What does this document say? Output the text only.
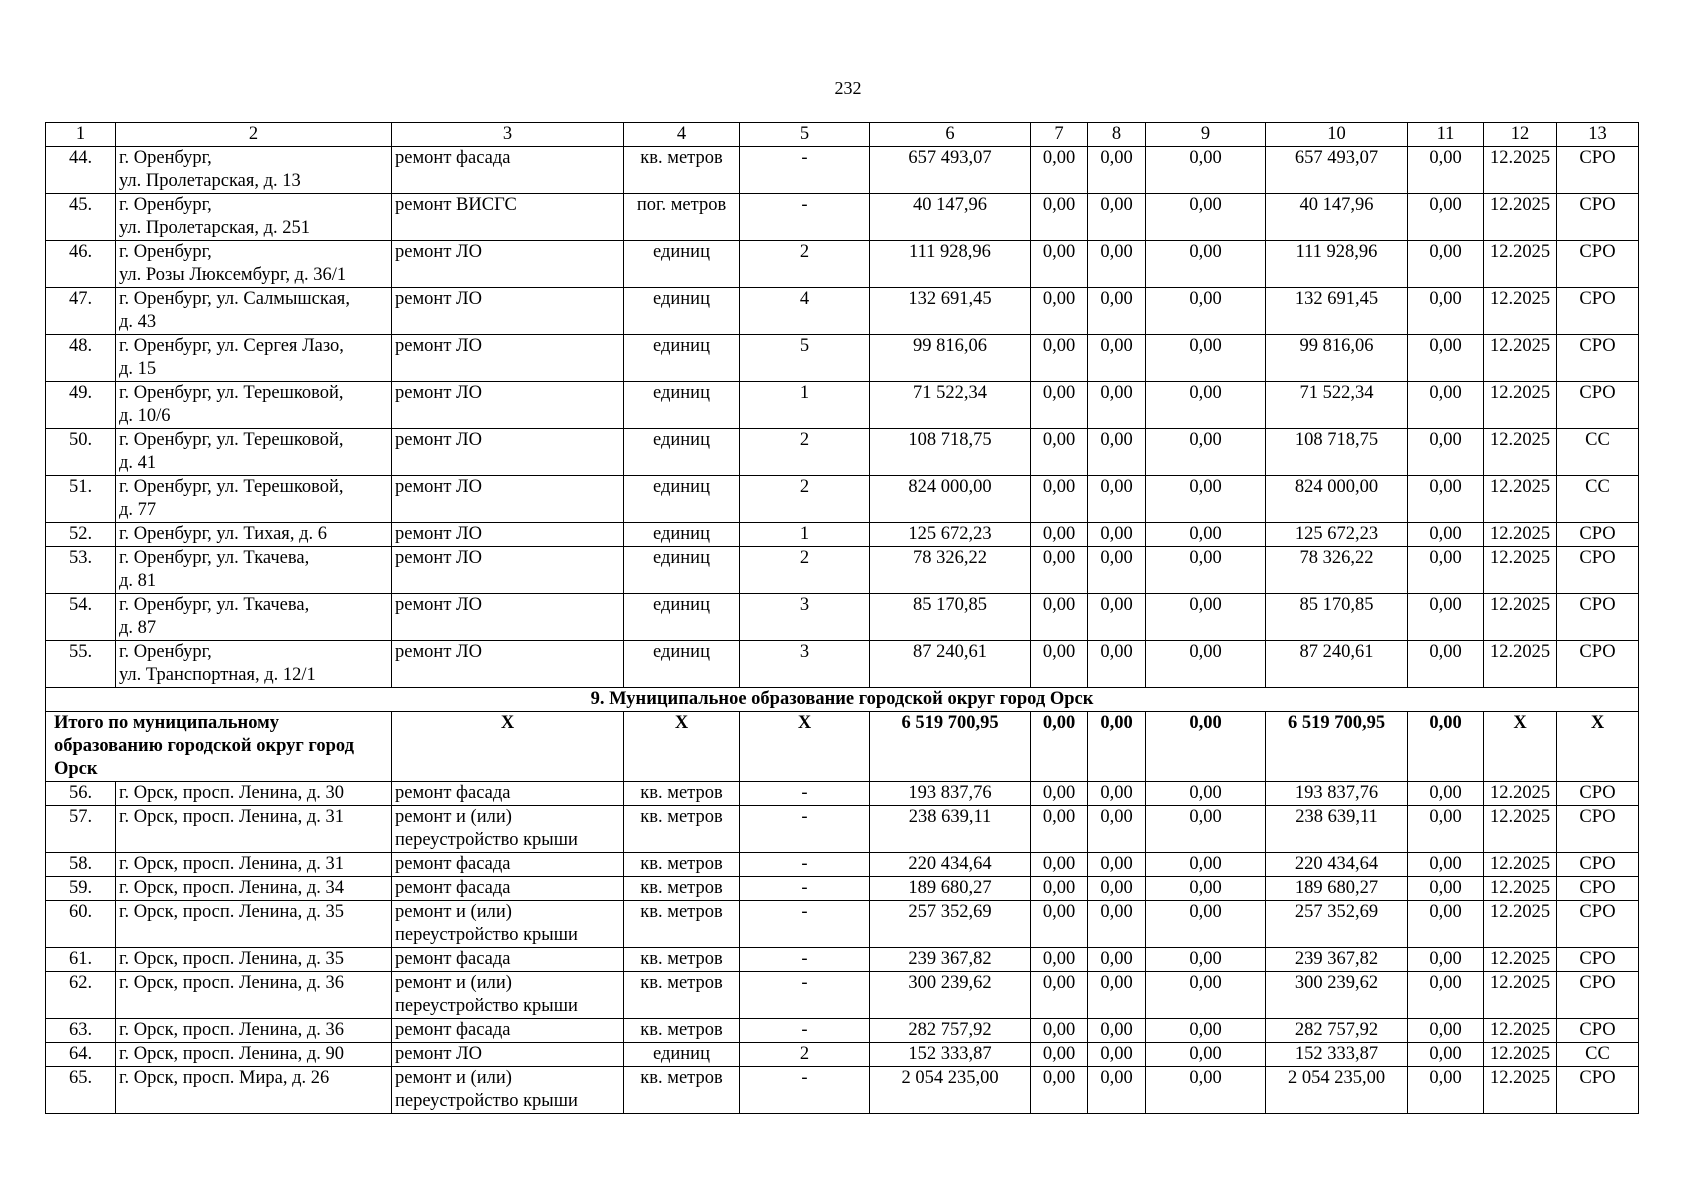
232
1	2	3	4	5	6	7	8	9	10	11	12	13
44.	г. Оренбург,
ул. Пролетарская, д. 13	ремонт фасада	кв. метров	-	657 493,07	0,00	0,00	0,00	657 493,07	0,00	12.2025	СРО
45.	г. Оренбург,
ул. Пролетарская, д. 251	ремонт ВИСГС	пог. метров	-	40 147,96	0,00	0,00	0,00	40 147,96	0,00	12.2025	СРО
46.	г. Оренбург,
ул. Розы Люксембург, д. 36/1	ремонт ЛО	единиц	2	111 928,96	0,00	0,00	0,00	111 928,96	0,00	12.2025	СРО
47.	г. Оренбург, ул. Салмышская,
д. 43	ремонт ЛО	единиц	4	132 691,45	0,00	0,00	0,00	132 691,45	0,00	12.2025	СРО
48.	г. Оренбург, ул. Сергея Лазо,
д. 15	ремонт ЛО	единиц	5	99 816,06	0,00	0,00	0,00	99 816,06	0,00	12.2025	СРО
49.	г. Оренбург, ул. Терешковой,
д. 10/6	ремонт ЛО	единиц	1	71 522,34	0,00	0,00	0,00	71 522,34	0,00	12.2025	СРО
50.	г. Оренбург, ул. Терешковой,
д. 41	ремонт ЛО	единиц	2	108 718,75	0,00	0,00	0,00	108 718,75	0,00	12.2025	СС
51.	г. Оренбург, ул. Терешковой,
д. 77	ремонт ЛО	единиц	2	824 000,00	0,00	0,00	0,00	824 000,00	0,00	12.2025	СС
52.	г. Оренбург, ул. Тихая, д. 6	ремонт ЛО	единиц	1	125 672,23	0,00	0,00	0,00	125 672,23	0,00	12.2025	СРО
53.	г. Оренбург, ул. Ткачева,
д. 81	ремонт ЛО	единиц	2	78 326,22	0,00	0,00	0,00	78 326,22	0,00	12.2025	СРО
54.	г. Оренбург, ул. Ткачева,
д. 87	ремонт ЛО	единиц	3	85 170,85	0,00	0,00	0,00	85 170,85	0,00	12.2025	СРО
55.	г. Оренбург,
ул. Транспортная, д. 12/1	ремонт ЛО	единиц	3	87 240,61	0,00	0,00	0,00	87 240,61	0,00	12.2025	СРО
9. Муниципальное образование городской округ город Орск												
Итого по муниципальному образованию городской округ город Орск		X	X	X	6 519 700,95	0,00	0,00	0,00	6 519 700,95	0,00	X	X
56.	г. Орск, просп. Ленина, д. 30	ремонт фасада	кв. метров	-	193 837,76	0,00	0,00	0,00	193 837,76	0,00	12.2025	СРО
57.	г. Орск, просп. Ленина, д. 31	ремонт и (или)
переустройство крыши	кв. метров	-	238 639,11	0,00	0,00	0,00	238 639,11	0,00	12.2025	СРО
58.	г. Орск, просп. Ленина, д. 31	ремонт фасада	кв. метров	-	220 434,64	0,00	0,00	0,00	220 434,64	0,00	12.2025	СРО
59.	г. Орск, просп. Ленина, д. 34	ремонт фасада	кв. метров	-	189 680,27	0,00	0,00	0,00	189 680,27	0,00	12.2025	СРО
60.	г. Орск, просп. Ленина, д. 35	ремонт и (или)
переустройство крыши	кв. метров	-	257 352,69	0,00	0,00	0,00	257 352,69	0,00	12.2025	СРО
61.	г. Орск, просп. Ленина, д. 35	ремонт фасада	кв. метров	-	239 367,82	0,00	0,00	0,00	239 367,82	0,00	12.2025	СРО
62.	г. Орск, просп. Ленина, д. 36	ремонт и (или)
переустройство крыши	кв. метров	-	300 239,62	0,00	0,00	0,00	300 239,62	0,00	12.2025	СРО
63.	г. Орск, просп. Ленина, д. 36	ремонт фасада	кв. метров	-	282 757,92	0,00	0,00	0,00	282 757,92	0,00	12.2025	СРО
64.	г. Орск, просп. Ленина, д. 90	ремонт ЛО	единиц	2	152 333,87	0,00	0,00	0,00	152 333,87	0,00	12.2025	СС
65.	г. Орск, просп. Мира, д. 26	ремонт и (или)
переустройство крыши	кв. метров	-	2 054 235,00	0,00	0,00	0,00	2 054 235,00	0,00	12.2025	СРО
